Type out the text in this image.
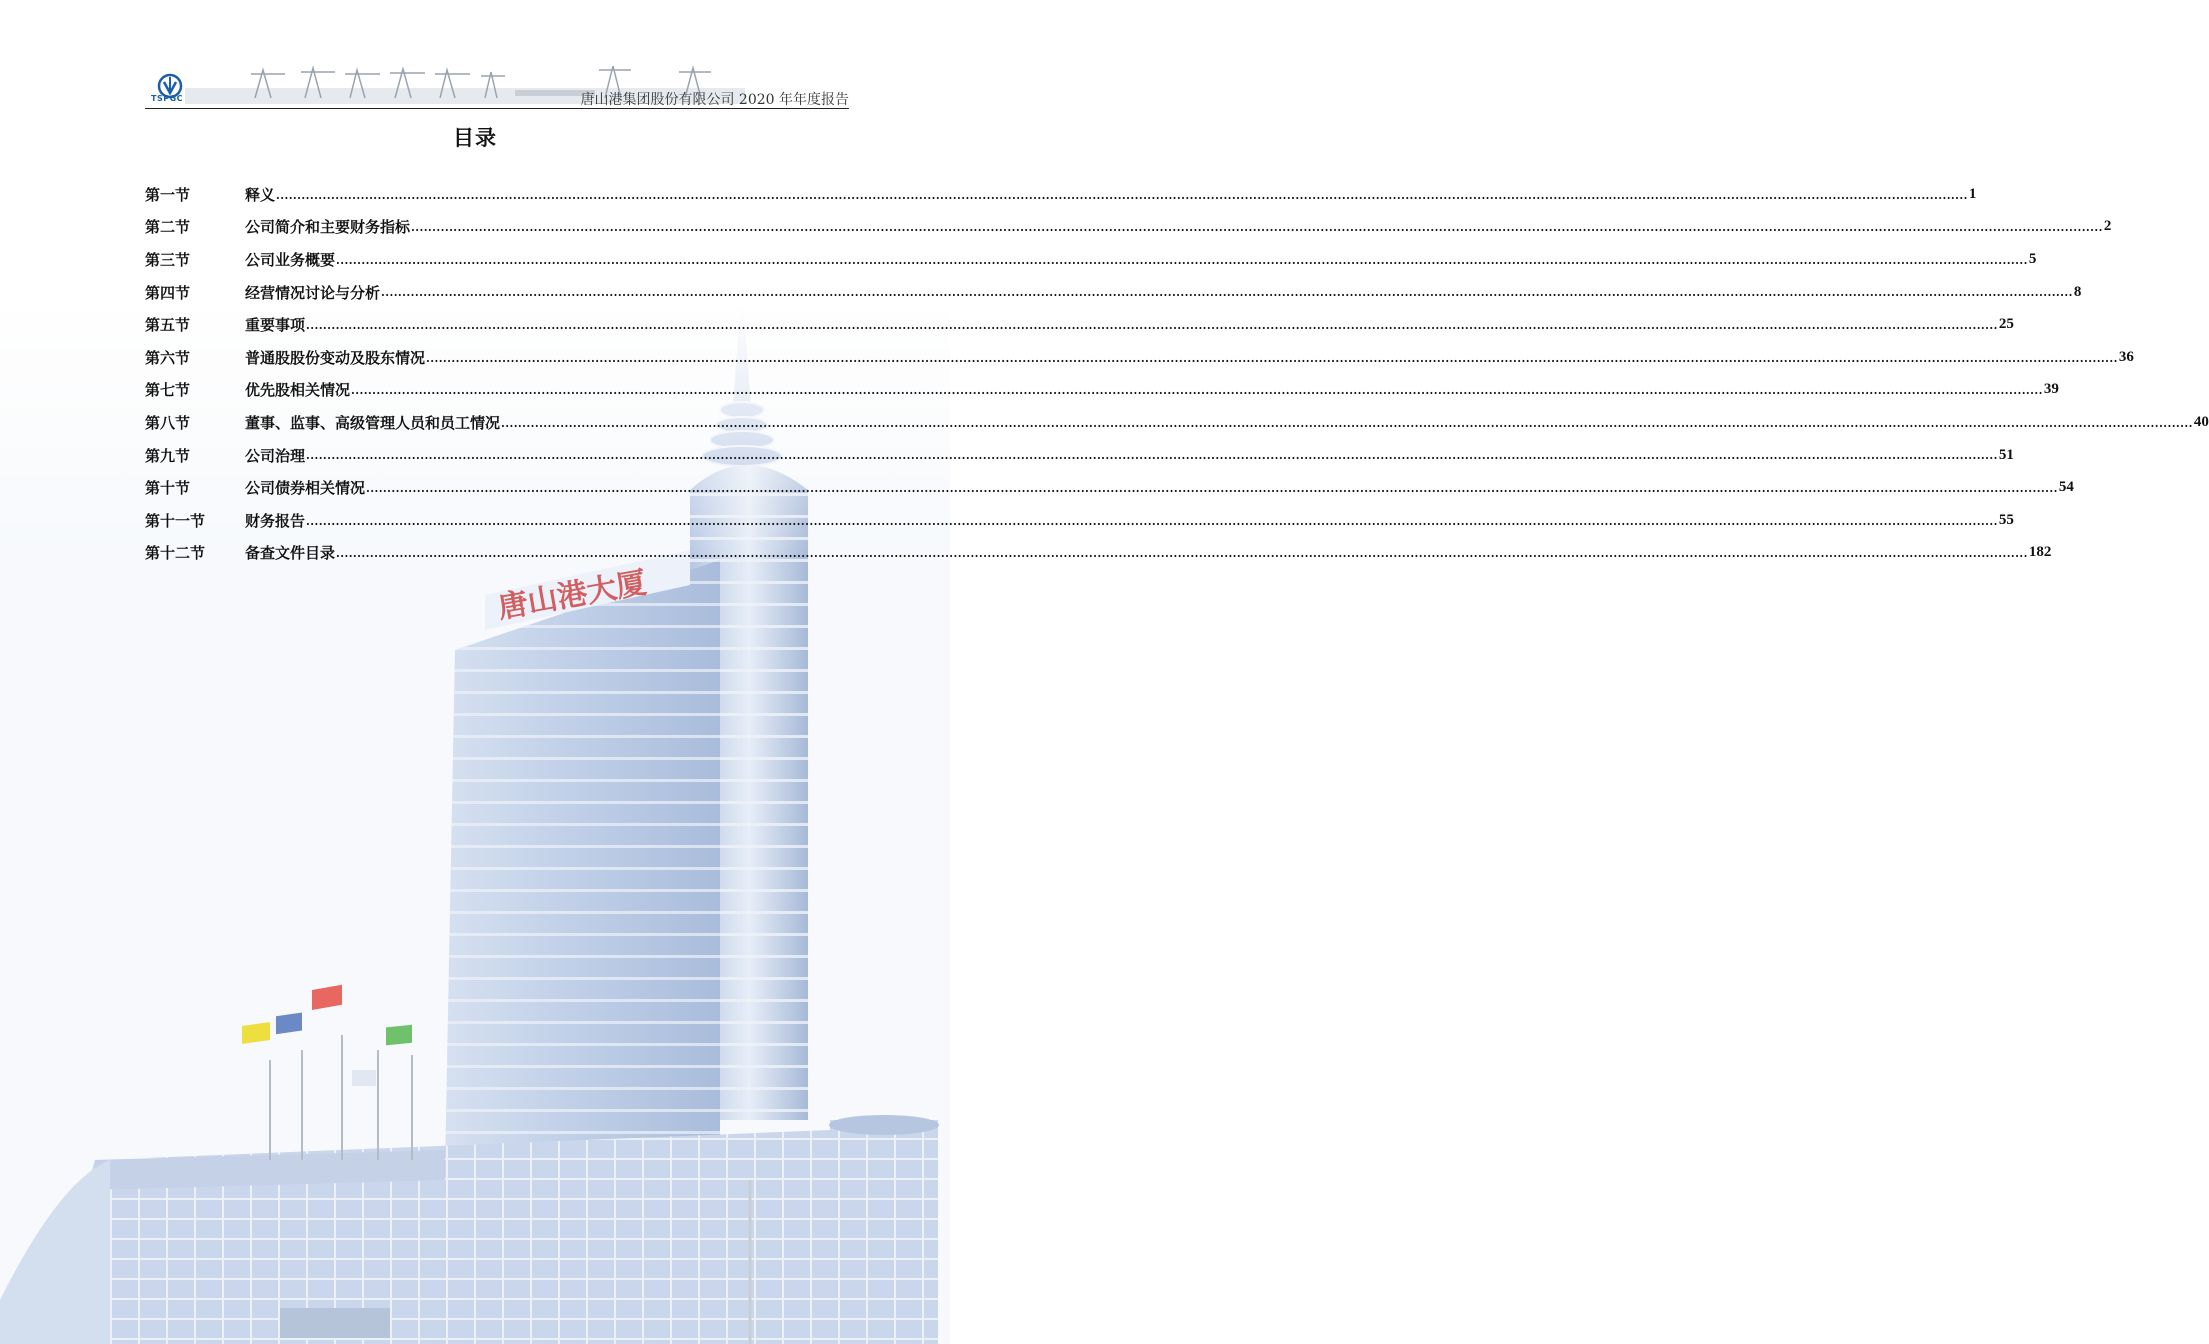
TSPGC	唐山港集团股份有限公司 2020 年年度报告
目录
第一节	释义 ................................................................................................................................................................................................................................................................................................................................................................................................................ 1
第二节	公司简介和主要财务指标 ................................................................................................................................................................................................................................................................................................................................................................................................................ 2
第三节	公司业务概要 ................................................................................................................................................................................................................................................................................................................................................................................................................ 5
第四节	经营情况讨论与分析 ................................................................................................................................................................................................................................................................................................................................................................................................................ 8
第五节	重要事项 ................................................................................................................................................................................................................................................................................................................................................................................................................ 25
第六节	普通股股份变动及股东情况 ................................................................................................................................................................................................................................................................................................................................................................................................................ 36
第七节	优先股相关情况 ................................................................................................................................................................................................................................................................................................................................................................................................................ 39
第八节	董事、监事、高级管理人员和员工情况 ................................................................................................................................................................................................................................................................................................................................................................................................................ 40
第九节	公司治理 ................................................................................................................................................................................................................................................................................................................................................................................................................ 51
第十节	公司债券相关情况 ................................................................................................................................................................................................................................................................................................................................................................................................................ 54
第十一节	财务报告 ................................................................................................................................................................................................................................................................................................................................................................................................................ 55
第十二节	备查文件目录 ................................................................................................................................................................................................................................................................................................................................................................................................................ 182
